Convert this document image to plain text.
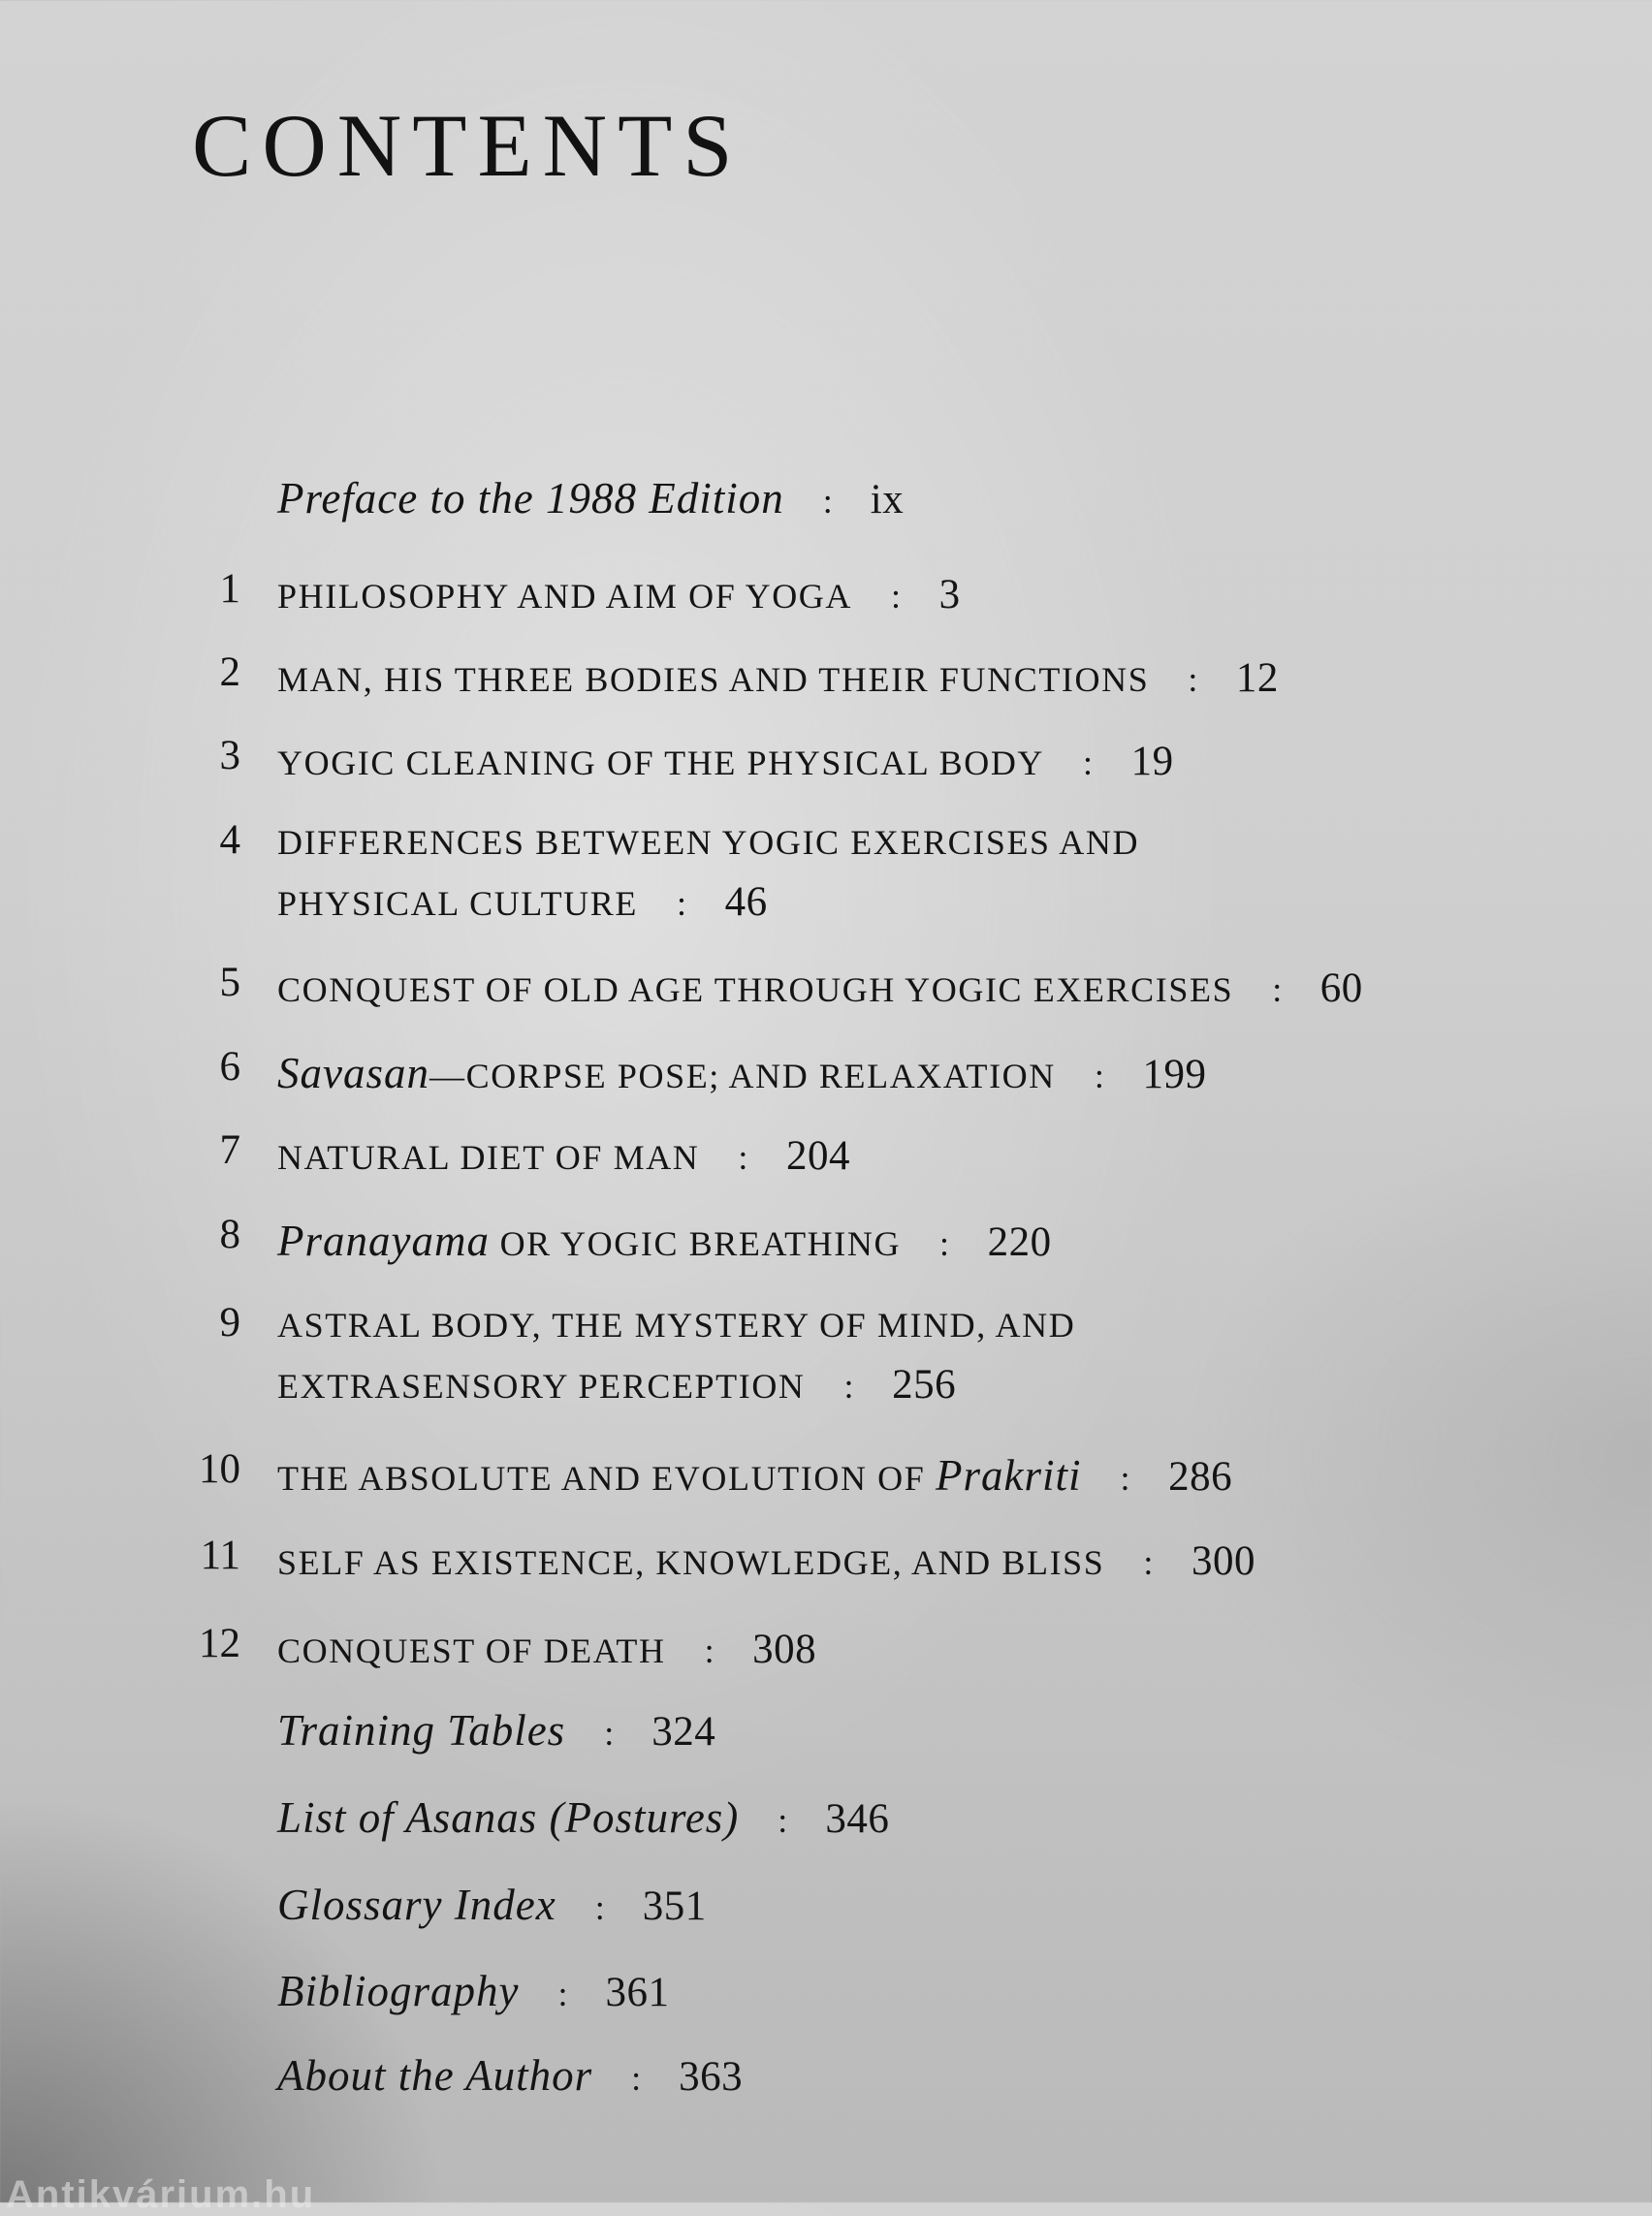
CONTENTS
Preface to the 1988 Edition : ix
1 PHILOSOPHY AND AIM OF YOGA : 3
2 MAN, HIS THREE BODIES AND THEIR FUNCTIONS : 12
3 YOGIC CLEANING OF THE PHYSICAL BODY : 19
4 DIFFERENCES BETWEEN YOGIC EXERCISES AND
PHYSICAL CULTURE : 46
5 CONQUEST OF OLD AGE THROUGH YOGIC EXERCISES : 60
6 Savasan—CORPSE POSE; AND RELAXATION : 199
7 NATURAL DIET OF MAN : 204
8 Pranayama OR YOGIC BREATHING : 220
9 ASTRAL BODY, THE MYSTERY OF MIND, AND
EXTRASENSORY PERCEPTION : 256
10 THE ABSOLUTE AND EVOLUTION OF Prakriti : 286
11 SELF AS EXISTENCE, KNOWLEDGE, AND BLISS : 300
12 CONQUEST OF DEATH : 308
Training Tables : 324
List of Asanas (Postures) : 346
Glossary Index : 351
Bibliography : 361
About the Author : 363
Antikvárium.hu
